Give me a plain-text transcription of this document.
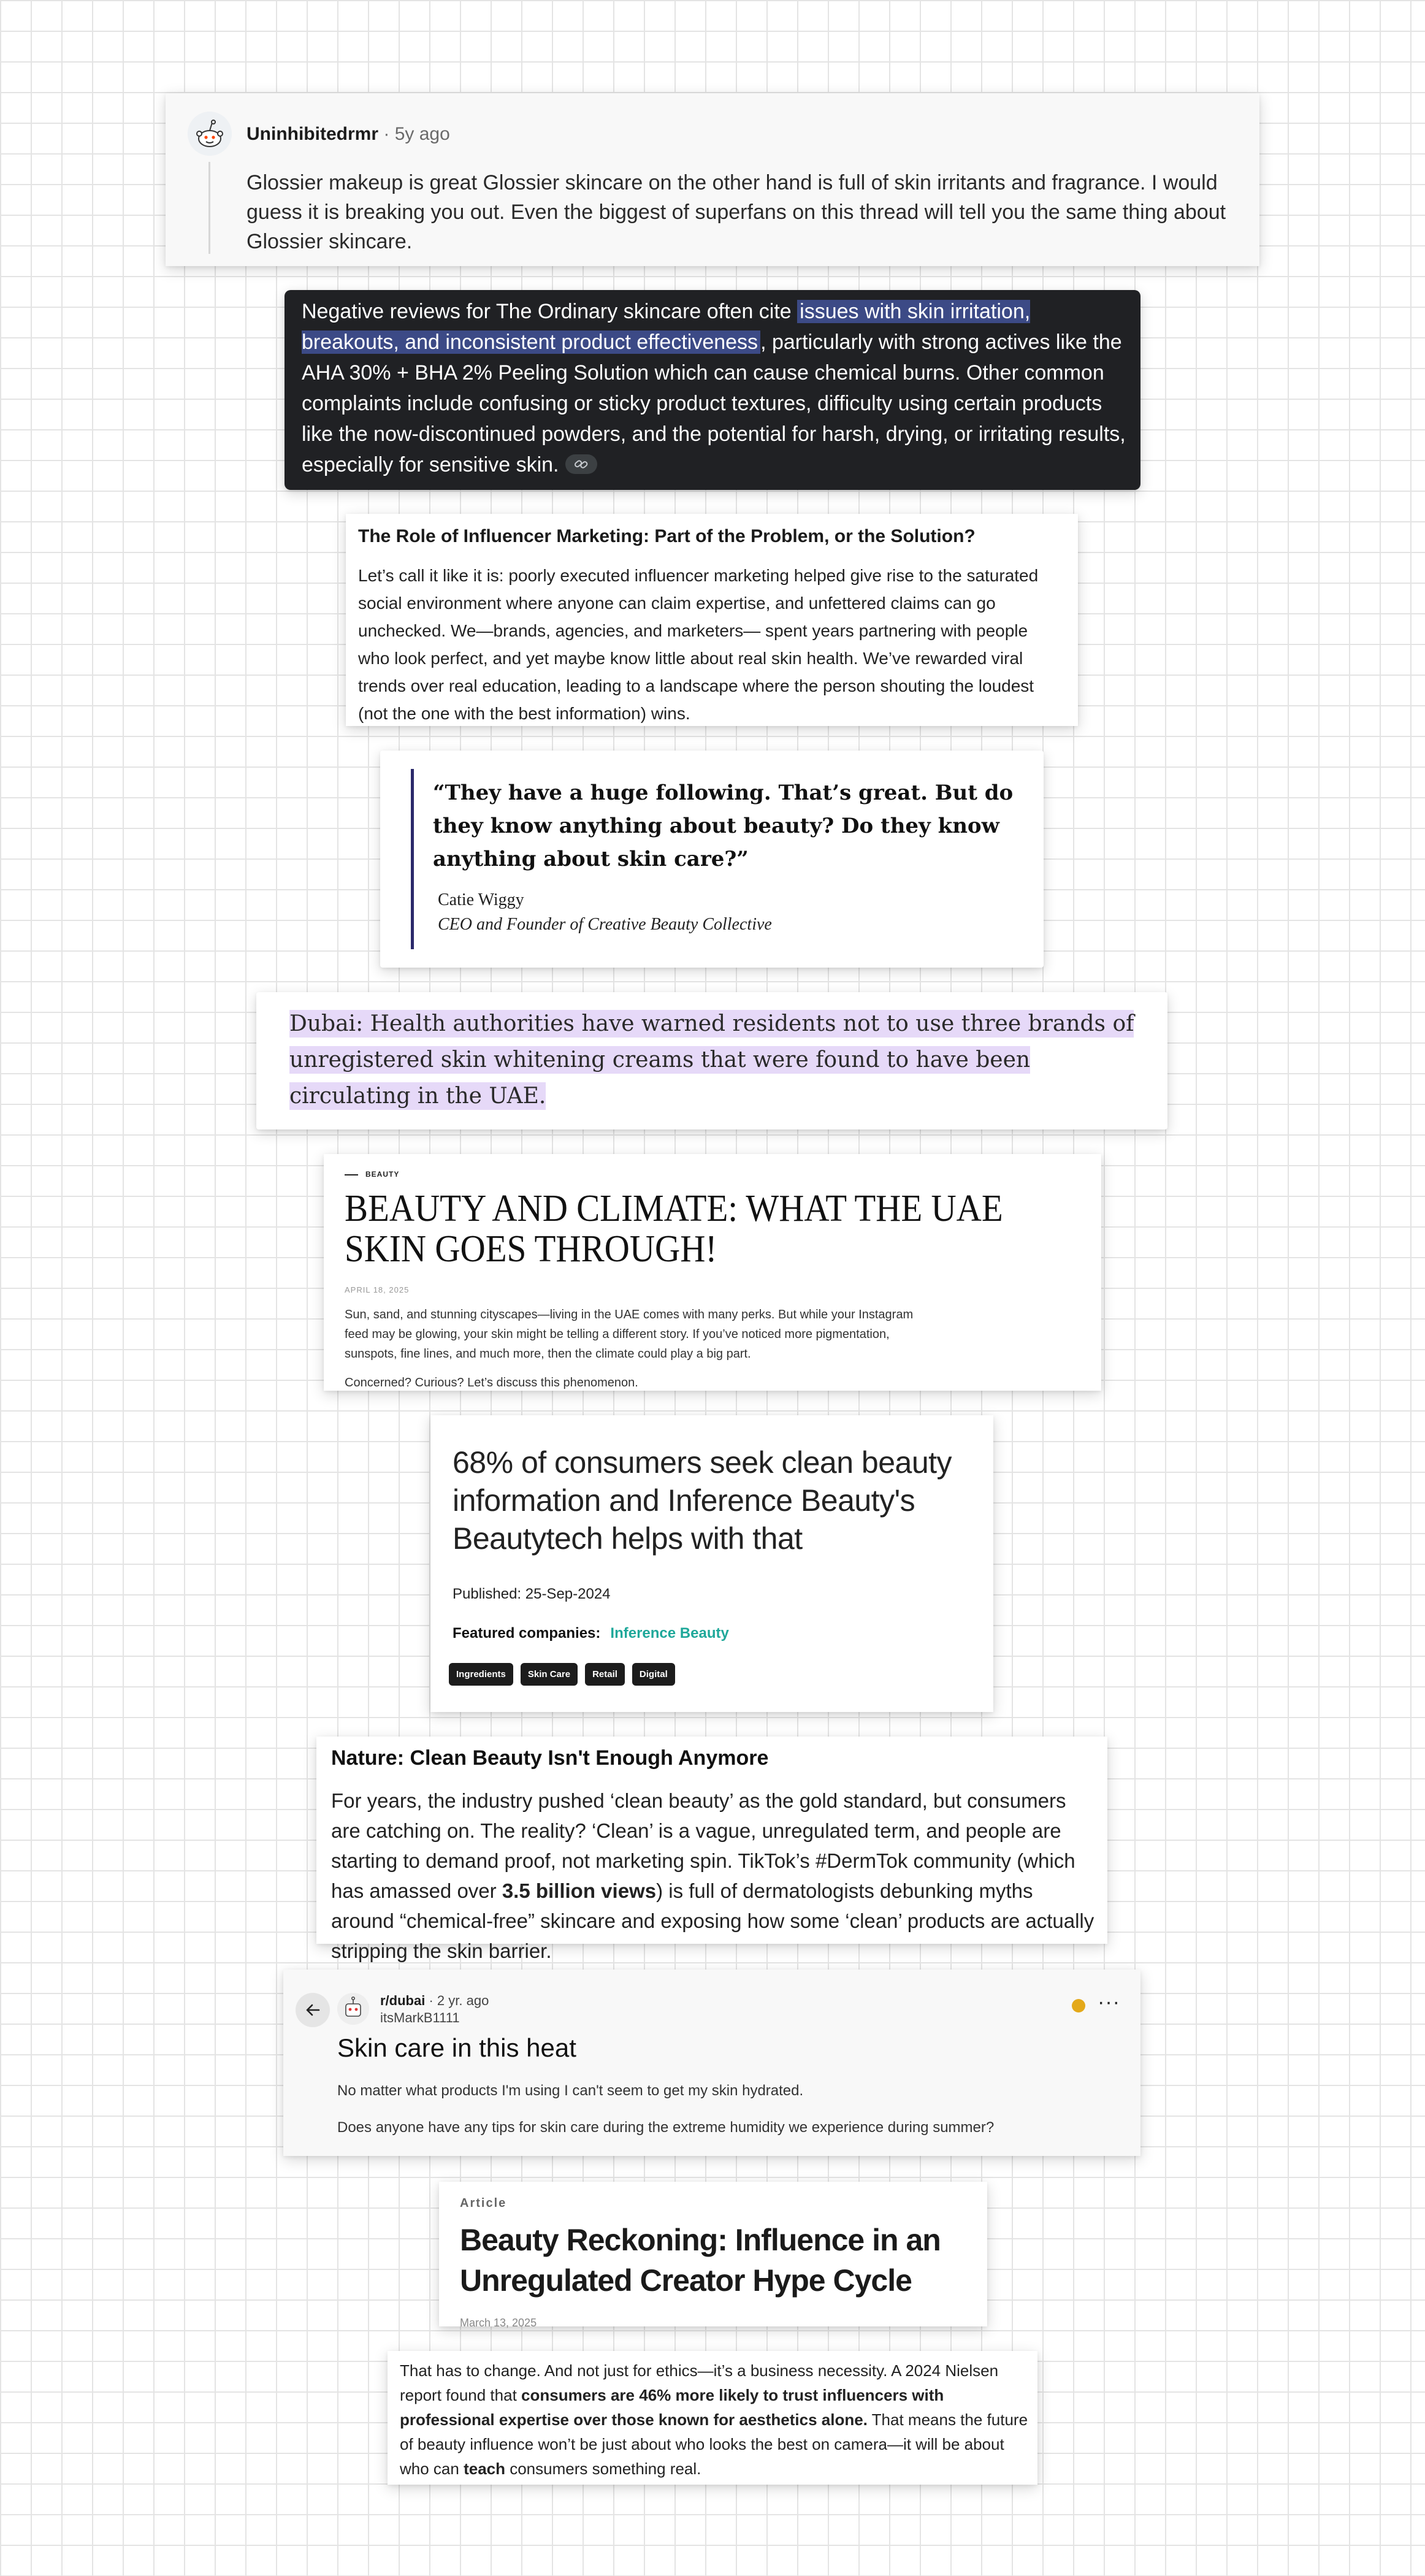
Uninhibitedrmr · 5y ago
Glossier makeup is great Glossier skincare on the other hand is full of skin irritants and fragrance. I would guess it is breaking you out. Even the biggest of superfans on this thread will tell you the same thing about Glossier skincare.
Negative reviews for The Ordinary skincare often cite issues with skin irritation, breakouts, and inconsistent product effectiveness , particularly with strong actives like the AHA 30% + BHA 2% Peeling Solution which can cause chemical burns. Other common complaints include confusing or sticky product textures, difficulty using certain products like the now-discontinued powders, and the potential for harsh, drying, or irritating results, especially for sensitive skin.
The Role of Influencer Marketing: Part of the Problem, or the Solution?
Let’s call it like it is: poorly executed influencer marketing helped give rise to the saturated social environment where anyone can claim expertise, and unfettered claims can go unchecked. We—brands, agencies, and marketers— spent years partnering with people who look perfect, and yet maybe know little about real skin health. We’ve rewarded viral trends over real education, leading to a landscape where the person shouting the loudest (not the one with the best information) wins.
“They have a huge following. That’s great. But do they know anything about beauty? Do they know anything about skin care?”
Catie Wiggy
CEO and Founder of Creative Beauty Collective
Dubai: Health authorities have warned residents not to use three brands of unregistered skin whitening creams that were found to have been circulating in the UAE.
BEAUTY
BEAUTY AND CLIMATE: WHAT THE UAE SKIN GOES THROUGH!
APRIL 18, 2025
Sun, sand, and stunning cityscapes—living in the UAE comes with many perks. But while your Instagram feed may be glowing, your skin might be telling a different story. If you’ve noticed more pigmentation, sunspots, fine lines, and much more, then the climate could play a big part.
Concerned? Curious? Let’s discuss this phenomenon.
68% of consumers seek clean beauty information and Inference Beauty's Beautytech helps with that
Published: 25-Sep-2024
Featured companies: Inference Beauty
Ingredients	Skin Care	Retail	Digital
Nature: Clean Beauty Isn't Enough Anymore
For years, the industry pushed ‘clean beauty’ as the gold standard, but consumers are catching on. The reality? ‘Clean’ is a vague, unregulated term, and people are starting to demand proof, not marketing spin. TikTok’s #DermTok community (which has amassed over 3.5 billion views) is full of dermatologists debunking myths around “chemical-free” skincare and exposing how some ‘clean’ products are actually stripping the skin barrier.
r/dubai · 2 yr. ago
itsMarkB1111
···
Skin care in this heat
No matter what products I'm using I can't seem to get my skin hydrated.
Does anyone have any tips for skin care during the extreme humidity we experience during summer?
Article
Beauty Reckoning: Influence in an Unregulated Creator Hype Cycle
March 13, 2025
That has to change. And not just for ethics—it’s a business necessity. A 2024 Nielsen report found that consumers are 46% more likely to trust influencers with professional expertise over those known for aesthetics alone. That means the future of beauty influence won’t be just about who looks the best on camera—it will be about who can teach consumers something real.
